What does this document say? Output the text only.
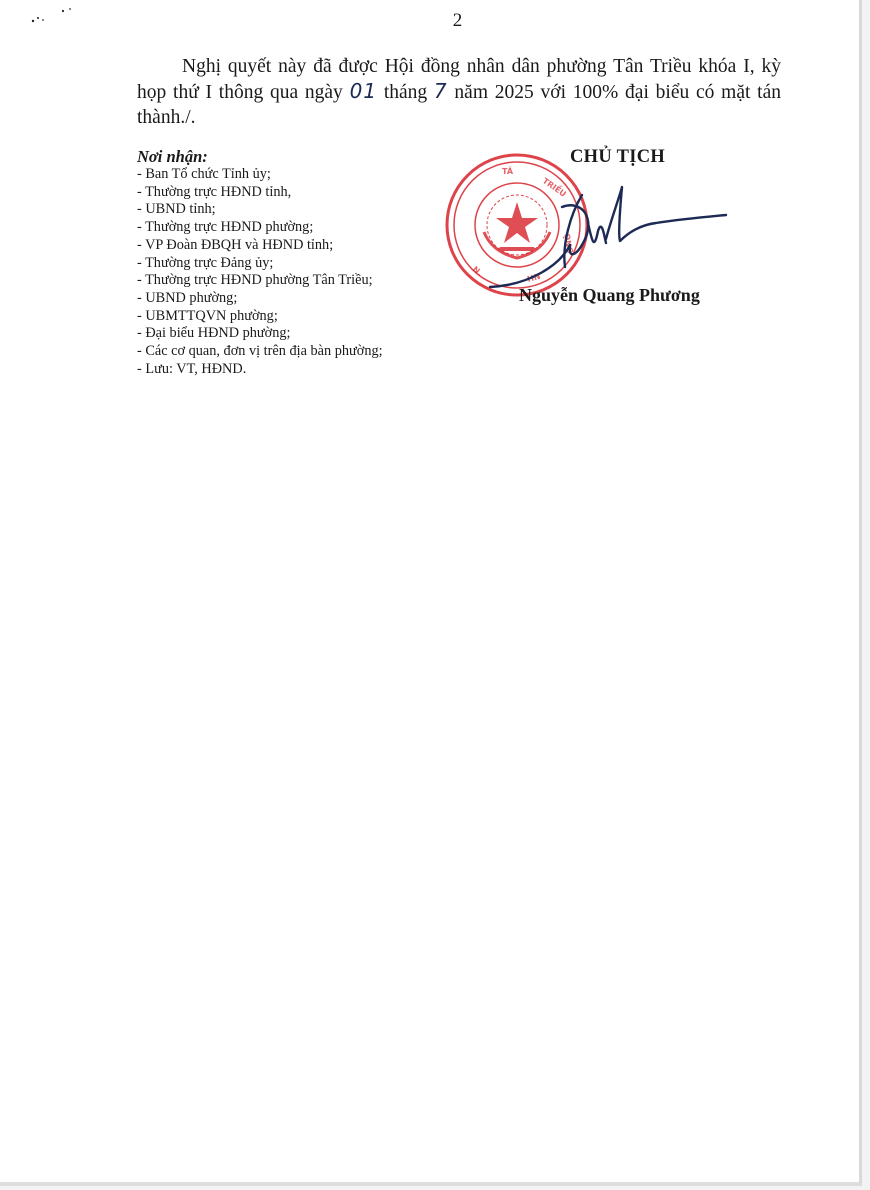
2
Nghị quyết này đã được Hội đồng nhân dân phường Tân Triều khóa I, kỳ họp thứ I thông qua ngày 01 tháng 7 năm 2025 với 100% đại biểu có mặt tán thành./.
Nơi nhận:
- Ban Tổ chức Tỉnh ủy;
- Thường trực HĐND tỉnh,
- UBND tỉnh;
- Thường trực HĐND phường;
- VP Đoàn ĐBQH và HĐND tỉnh;
- Thường trực Đảng ủy;
- Thường trực HĐND phường Tân Triều;
- UBND phường;
- UBMTTQVN phường;
- Đại biểu HĐND phường;
- Các cơ quan, đơn vị trên địa bàn phường;
- Lưu: VT, HĐND.
TÂ
TRIỀU
ỌNG
HN
N.
CHỦ TỊCH
Nguyễn Quang Phương
